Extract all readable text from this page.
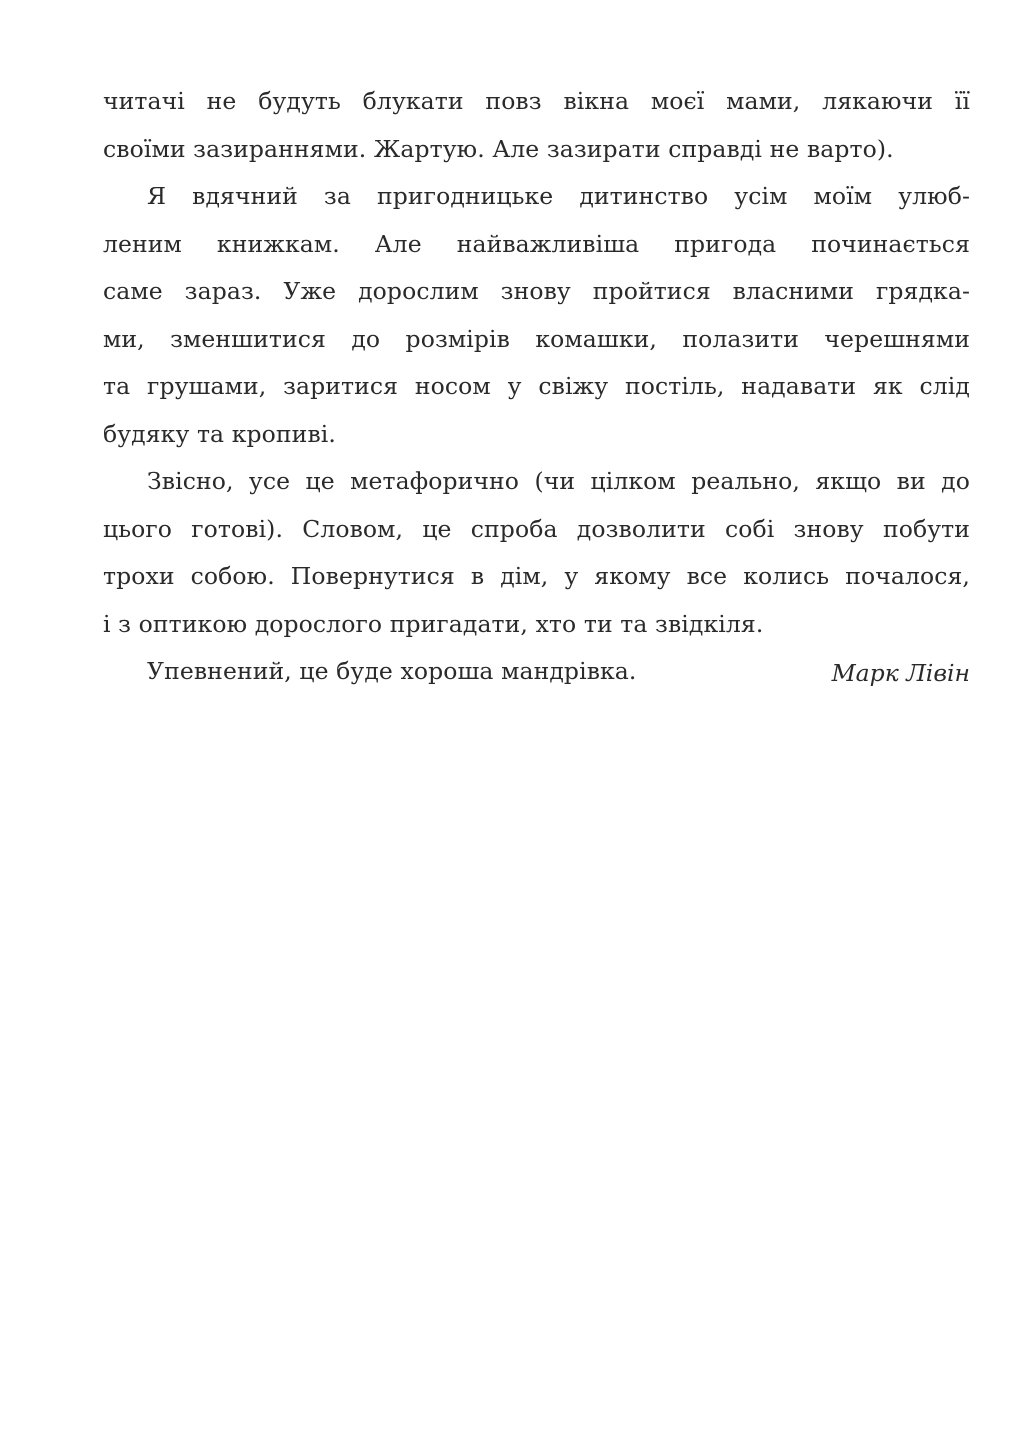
читачі не будуть блукати повз вікна моєї мами, лякаючи її
своїми зазираннями. Жартую. Але зазирати справді не варто).
Я вдячний за пригодницьке дитинство усім моїм улюб-
леним книжкам. Але найважливіша пригода починається
саме зараз. Уже дорослим знову пройтися власними грядка-
ми, зменшитися до розмірів комашки, полазити черешнями
та грушами, заритися носом у свіжу постіль, надавати як слід
будяку та кропиві.
Звісно, усе це метафорично (чи цілком реально, якщо ви до
цього готові). Словом, це спроба дозволити собі знову побути
трохи собою. Повернутися в дім, у якому все колись почалося,
і з оптикою дорослого пригадати, хто ти та звідкіля.
Упевнений, це буде хороша мандрівка.	Марк Лівін
